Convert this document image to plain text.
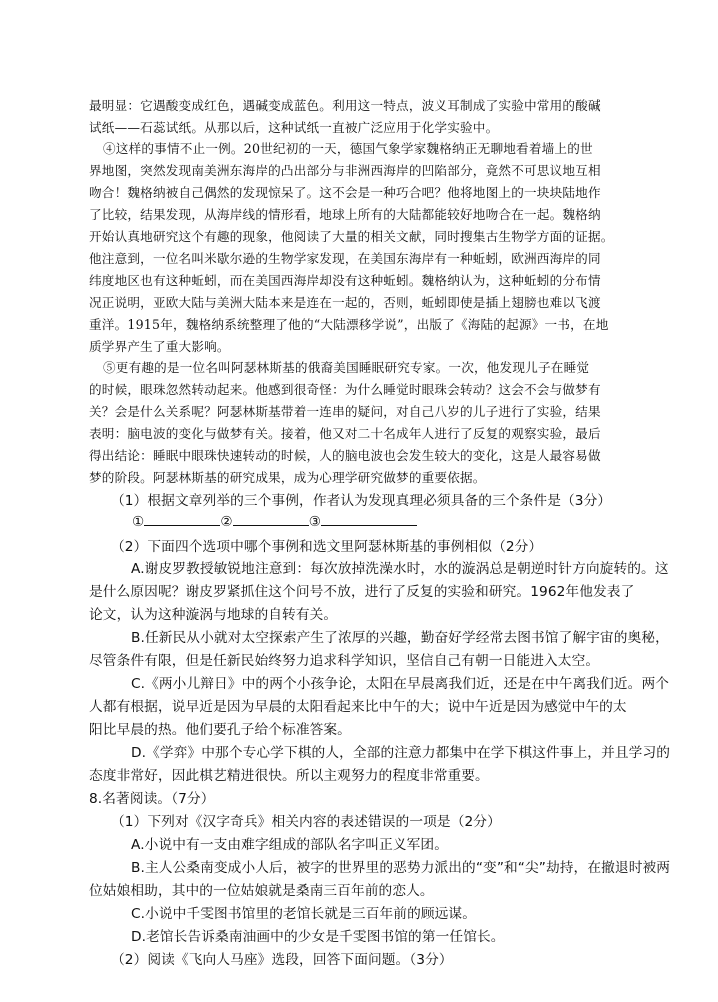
最明显：它遇酸变成红色，遇碱变成蓝色。利用这一特点，波义耳制成了实验中常用的酸碱
试纸——石蕊试纸。从那以后，这种试纸一直被广泛应用于化学实验中。
④这样的事情不止一例。20世纪初的一天，德国气象学家魏格纳正无聊地看着墙上的世
界地图，突然发现南美洲东海岸的凸出部分与非洲西海岸的凹陷部分，竟然不可思议地互相
吻合！魏格纳被自己偶然的发现惊呆了。这不会是一种巧合吧？他将地图上的一块块陆地作
了比较，结果发现，从海岸线的情形看，地球上所有的大陆都能较好地吻合在一起。魏格纳
开始认真地研究这个有趣的现象，他阅读了大量的相关文献，同时搜集古生物学方面的证据。
他注意到，一位名叫米歇尔逊的生物学家发现，在美国东海岸有一种蚯蚓，欧洲西海岸的同
纬度地区也有这种蚯蚓，而在美国西海岸却没有这种蚯蚓。魏格纳认为，这种蚯蚓的分布情
况正说明，亚欧大陆与美洲大陆本来是连在一起的，否则，蚯蚓即使是插上翅膀也难以飞渡
重洋。1915年，魏格纳系统整理了他的“大陆漂移学说”，出版了《海陆的起源》一书，在地
质学界产生了重大影响。
⑤更有趣的是一位名叫阿瑟林斯基的俄裔美国睡眠研究专家。一次，他发现儿子在睡觉
的时候，眼珠忽然转动起来。他感到很奇怪：为什么睡觉时眼珠会转动？这会不会与做梦有
关？会是什么关系呢？阿瑟林斯基带着一连串的疑问，对自己八岁的儿子进行了实验，结果
表明：脑电波的变化与做梦有关。接着，他又对二十名成年人进行了反复的观察实验，最后
得出结论：睡眠中眼珠快速转动的时候，人的脑电波也会发生较大的变化，这是人最容易做
梦的阶段。阿瑟林斯基的研究成果，成为心理学研究做梦的重要依据。
（1）根据文章列举的三个事例，作者认为发现真理必须具备的三个条件是（3分）
①	②	③
（2）下面四个选项中哪个事例和选文里阿瑟林斯基的事例相似（2分）
A.谢皮罗教授敏锐地注意到：每次放掉洗澡水时，水的漩涡总是朝逆时针方向旋转的。这
是什么原因呢？谢皮罗紧抓住这个问号不放，进行了反复的实验和研究。1962年他发表了
论文，认为这种漩涡与地球的自转有关。
B.任新民从小就对太空探索产生了浓厚的兴趣，勤奋好学经常去图书馆了解宇宙的奥秘，
尽管条件有限，但是任新民始终努力追求科学知识，坚信自己有朝一日能进入太空。
C.《两小儿辩日》中的两个小孩争论，太阳在早晨离我们近，还是在中午离我们近。两个
人都有根据，说早近是因为早晨的太阳看起来比中午的大；说中午近是因为感觉中午的太
阳比早晨的热。他们要孔子给个标准答案。
D.《学弈》中那个专心学下棋的人，全部的注意力都集中在学下棋这件事上，并且学习的
态度非常好，因此棋艺精进很快。所以主观努力的程度非常重要。
8.名著阅读。（7分）
（1）下列对《汉字奇兵》相关内容的表述错误的一项是（2分）
A.小说中有一支由难字组成的部队名字叫正义军团。
B.主人公桑南变成小人后，被字的世界里的恶势力派出的“变”和“尖”劫持，在撤退时被两
位姑娘相助，其中的一位姑娘就是桑南三百年前的恋人。
C.小说中千雯图书馆里的老馆长就是三百年前的顾远谋。
D.老馆长告诉桑南油画中的少女是千雯图书馆的第一任馆长。
（2）阅读《飞向人马座》选段，回答下面问题。（3分）
